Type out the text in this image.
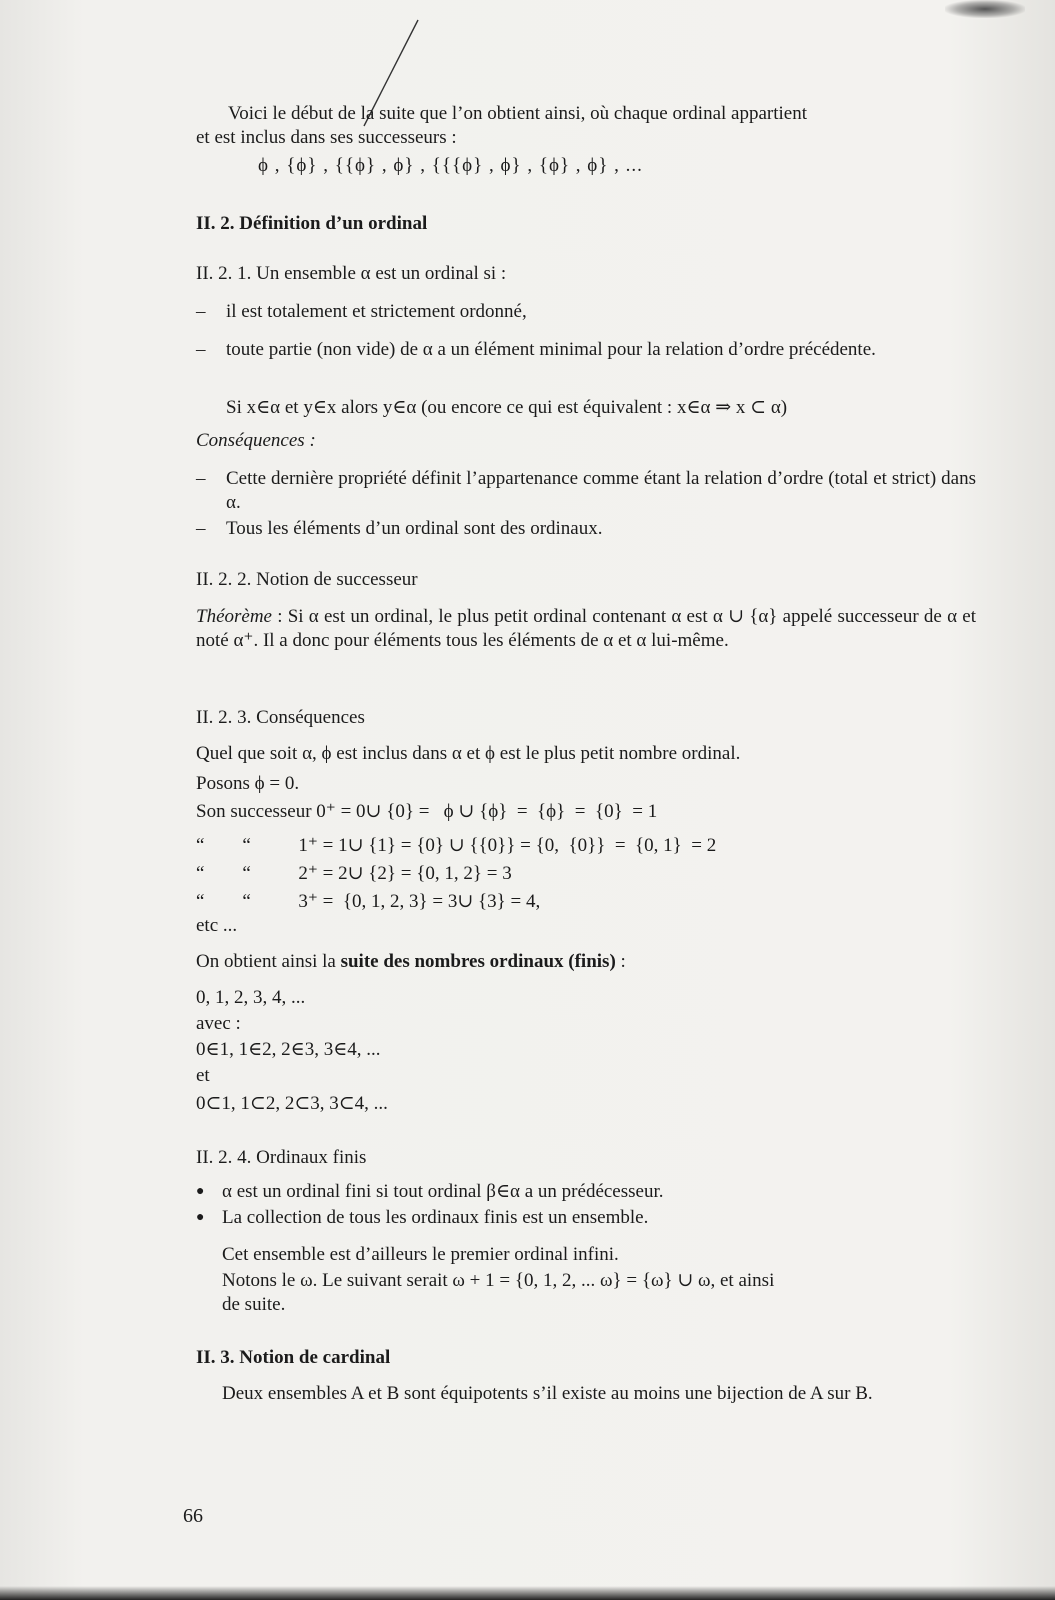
Voici le début de la suite que l’on obtient ainsi, où chaque ordinal appartient
et est inclus dans ses successeurs :
ϕ , {ϕ} , {{ϕ} , ϕ} , {{{ϕ} , ϕ} , {ϕ} , ϕ} , ...
II. 2. Définition d’un ordinal
II. 2. 1. Un ensemble α est un ordinal si :
–	il est totalement et strictement ordonné,
–	toute partie (non vide) de α a un élément minimal pour la relation d’ordre précédente.
Si x∈α et y∈x alors y∈α (ou encore ce qui est équivalent : x∈α ⇒ x ⊂ α)
Conséquences :
–	Cette dernière propriété définit l’appartenance comme étant la relation d’ordre (total et strict) dans α.
–	Tous les éléments d’un ordinal sont des ordinaux.
II. 2. 2. Notion de successeur
Théorème : Si α est un ordinal, le plus petit ordinal contenant α est α ∪ {α} appelé successeur de α et noté α⁺. Il a donc pour éléments tous les éléments de α et α lui-même.
II. 2. 3. Conséquences
Quel que soit α, ϕ est inclus dans α et ϕ est le plus petit nombre ordinal.
Posons ϕ = 0.
Son successeur 0⁺ = 0∪ {0} =   ϕ ∪ {ϕ}  =  {ϕ}  =  {0}  = 1
“        “          1⁺ = 1∪ {1} = {0} ∪ {{0}} = {0,  {0}}  =  {0, 1}  = 2
“        “          2⁺ = 2∪ {2} = {0, 1, 2} = 3
“        “          3⁺ =  {0, 1, 2, 3} = 3∪ {3} = 4,
etc ...
On obtient ainsi la suite des nombres ordinaux (finis) :
0, 1, 2, 3, 4, ...
avec :
0∈1, 1∈2, 2∈3, 3∈4, ...
et
0⊂1, 1⊂2, 2⊂3, 3⊂4, ...
II. 2. 4. Ordinaux finis
● α est un ordinal fini si tout ordinal β∈α a un prédécesseur.
● La collection de tous les ordinaux finis est un ensemble.
Cet ensemble est d’ailleurs le premier ordinal infini.
Notons le ω. Le suivant serait ω + 1 = {0, 1, 2, ... ω} = {ω} ∪ ω, et ainsi
de suite.
II. 3. Notion de cardinal
Deux ensembles A et B sont équipotents s’il existe au moins une bijection de A sur B.
66
